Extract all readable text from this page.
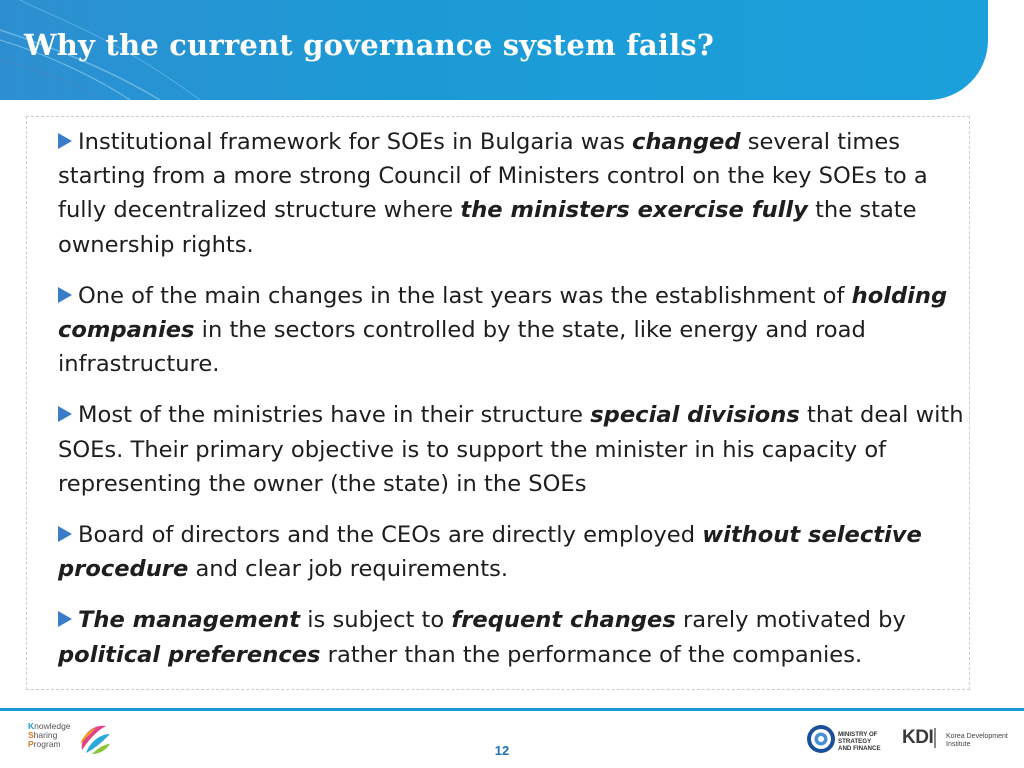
Why the current governance system fails?
Institutional framework for SOEs in Bulgaria was changed several times starting from a more strong Council of Ministers control on the key SOEs to a fully decentralized structure where the ministers exercise fully the state ownership rights.
One of the main changes in the last years was the establishment of holding companies in the sectors controlled by the state, like energy and road infrastructure.
Most of the ministries have in their structure special divisions that deal with SOEs. Their primary objective is to support the minister in his capacity of representing the owner (the state) in the SOEs
Board of directors and the CEOs are directly employed without selective procedure and clear job requirements.
The management is subject to frequent changes rarely motivated by political preferences rather than the performance of the companies.
Knowledge
Sharing
Program	12
MINISTRY OF
STRATEGY
AND FINANCE
KDI Korea Development
Institute
